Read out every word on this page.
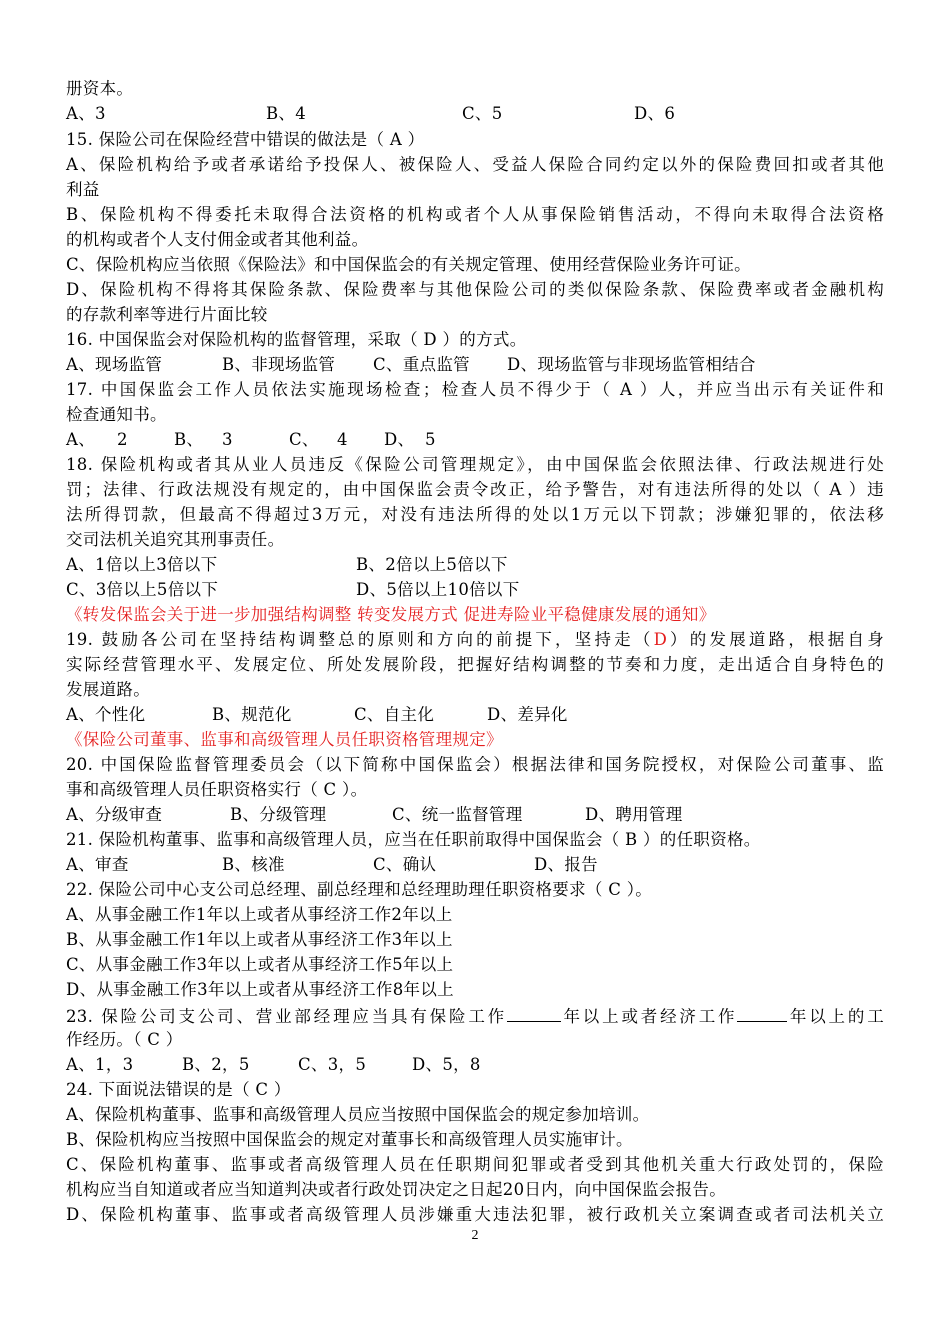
册资本。
A、3	B、4	C、5	D、6
15. 保险公司在保险经营中错误的做法是（ A ）
A、保险机构给予或者承诺给予投保人、被保险人、受益人保险合同约定以外的保险费回扣或者其他
利益
B、保险机构不得委托未取得合法资格的机构或者个人从事保险销售活动，不得向未取得合法资格
的机构或者个人支付佣金或者其他利益。
C、保险机构应当依照《保险法》和中国保监会的有关规定管理、使用经营保险业务许可证。
D、保险机构不得将其保险条款、保险费率与其他保险公司的类似保险条款、保险费率或者金融机构
的存款利率等进行片面比较
16. 中国保监会对保险机构的监督管理，采取（ D ）的方式。
A、现场监管	B、非现场监管 C、重点监管 D、现场监管与非现场监管相结合
17. 中国保监会工作人员依法实施现场检查；检查人员不得少于（ A ）人，并应当出示有关证件和
检查通知书。
A、 2	B、 3	C、 4 D、 5
18. 保险机构或者其从业人员违反《保险公司管理规定》，由中国保监会依照法律、行政法规进行处
罚；法律、行政法规没有规定的，由中国保监会责令改正，给予警告，对有违法所得的处以（ A ）违
法所得罚款，但最高不得超过3万元，对没有违法所得的处以1万元以下罚款；涉嫌犯罪的，依法移
交司法机关追究其刑事责任。
A、1倍以上3倍以下	B、2倍以上5倍以下
C、3倍以上5倍以下	D、5倍以上10倍以下
《转发保监会关于进一步加强结构调整 转变发展方式 促进寿险业平稳健康发展的通知》
19. 鼓励各公司在坚持结构调整总的原则和方向的前提下，坚持走（D）的发展道路，根据自身
实际经营管理水平、发展定位、所处发展阶段，把握好结构调整的节奏和力度，走出适合自身特色的
发展道路。
A、个性化	B、规范化	C、自主化	D、差异化
《保险公司董事、监事和高级管理人员任职资格管理规定》
20. 中国保险监督管理委员会（以下简称中国保监会）根据法律和国务院授权，对保险公司董事、监
事和高级管理人员任职资格实行（ C ）。
A、分级审查	B、分级管理	C、统一监督管理	D、聘用管理
21. 保险机构董事、监事和高级管理人员，应当在任职前取得中国保监会（ B ）的任职资格。
A、审查	B、核准	C、确认	D、报告
22. 保险公司中心支公司总经理、副总经理和总经理助理任职资格要求（ C ）。
A、从事金融工作1年以上或者从事经济工作2年以上
B、从事金融工作1年以上或者从事经济工作3年以上
C、从事金融工作3年以上或者从事经济工作5年以上
D、从事金融工作3年以上或者从事经济工作8年以上
23. 保险公司支公司、营业部经理应当具有保险工作	年以上或者经济工作	年以上的工
作经历。（ C ）
A、1，3	B、2，5	C、3，5	D、5，8
24. 下面说法错误的是（ C ）
A、保险机构董事、监事和高级管理人员应当按照中国保监会的规定参加培训。
B、保险机构应当按照中国保监会的规定对董事长和高级管理人员实施审计。
C、保险机构董事、监事或者高级管理人员在任职期间犯罪或者受到其他机关重大行政处罚的，保险
机构应当自知道或者应当知道判决或者行政处罚决定之日起20日内，向中国保监会报告。
D、保险机构董事、监事或者高级管理人员涉嫌重大违法犯罪，被行政机关立案调查或者司法机关立
2
